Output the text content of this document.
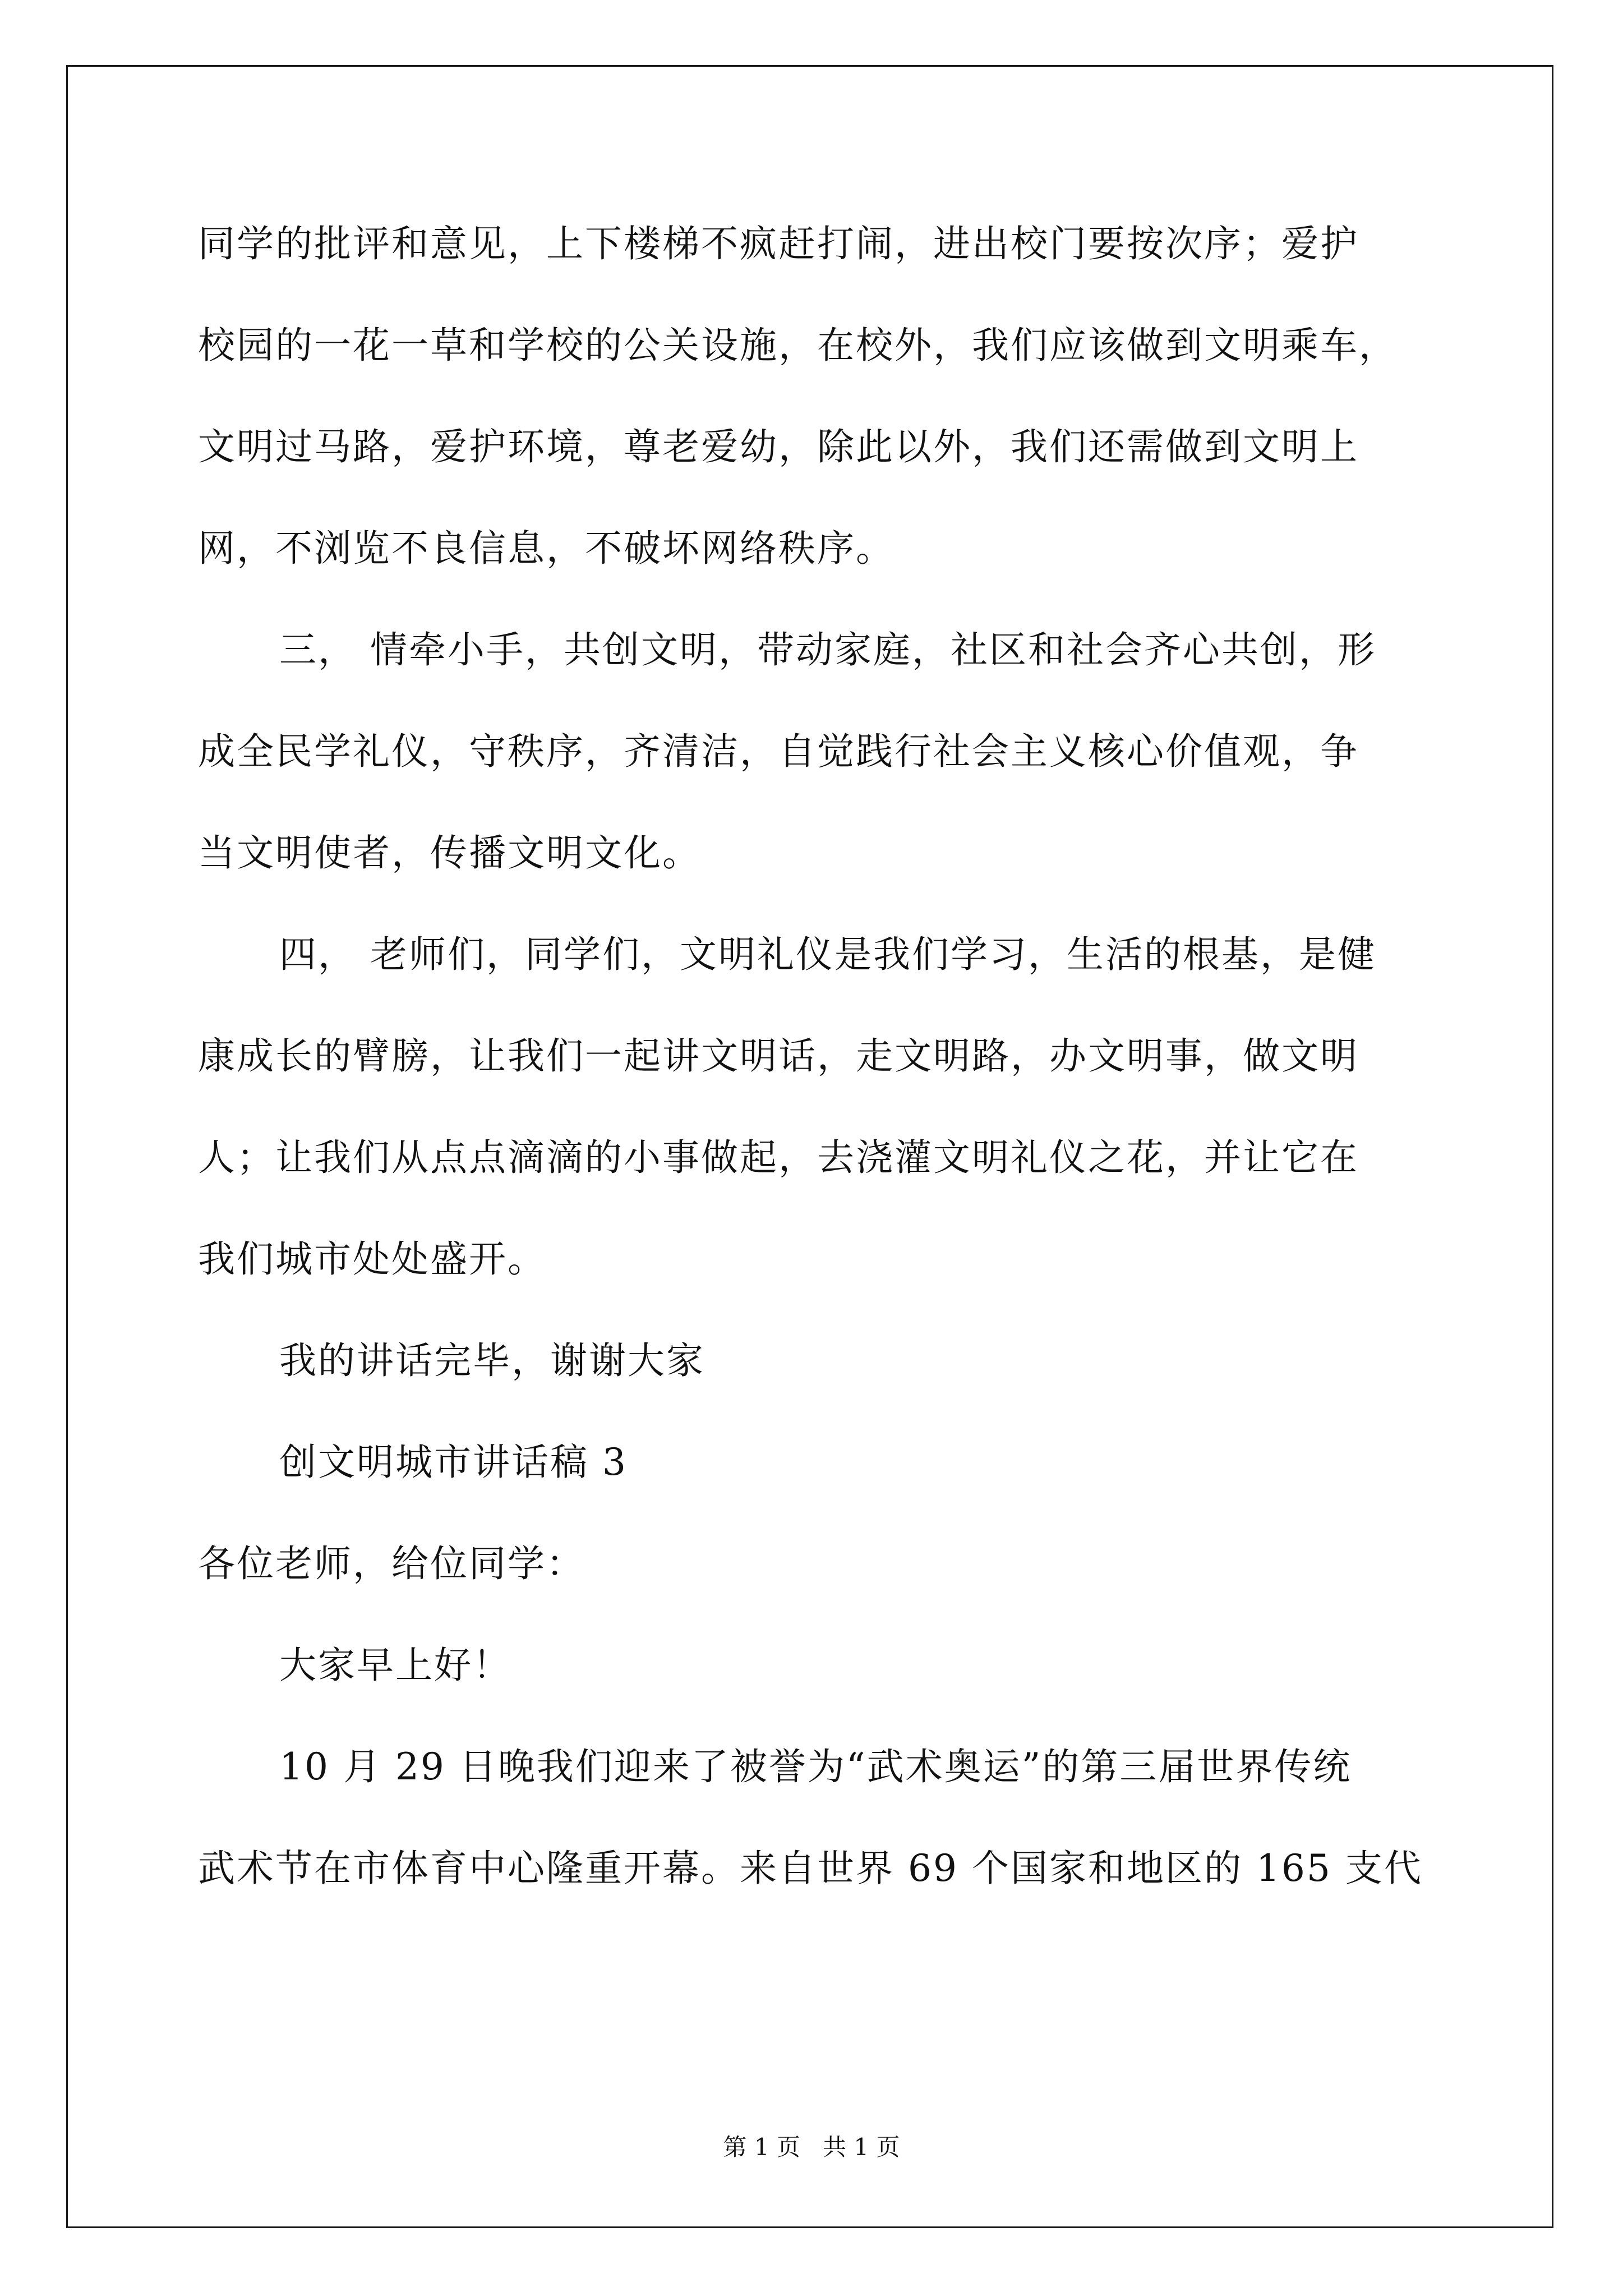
同学的批评和意见，上下楼梯不疯赶打闹，进出校门要按次序；爱护
校园的一花一草和学校的公关设施，在校外，我们应该做到文明乘车，
文明过马路，爱护环境，尊老爱幼，除此以外，我们还需做到文明上
网，不浏览不良信息，不破坏网络秩序。
三， 情牵小手，共创文明，带动家庭，社区和社会齐心共创，形
成全民学礼仪，守秩序，齐清洁，自觉践行社会主义核心价值观，争
当文明使者，传播文明文化。
四， 老师们，同学们，文明礼仪是我们学习，生活的根基，是健
康成长的臂膀，让我们一起讲文明话，走文明路，办文明事，做文明
人；让我们从点点滴滴的小事做起，去浇灌文明礼仪之花，并让它在
我们城市处处盛开。
我的讲话完毕，谢谢大家
创文明城市讲话稿 3
各位老师，给位同学：
大家早上好！
10 月 29 日晚我们迎来了被誉为“武术奥运”的第三届世界传统
武术节在市体育中心隆重开幕。来自世界 69 个国家和地区的 165 支代
第 1 页   共 1 页
